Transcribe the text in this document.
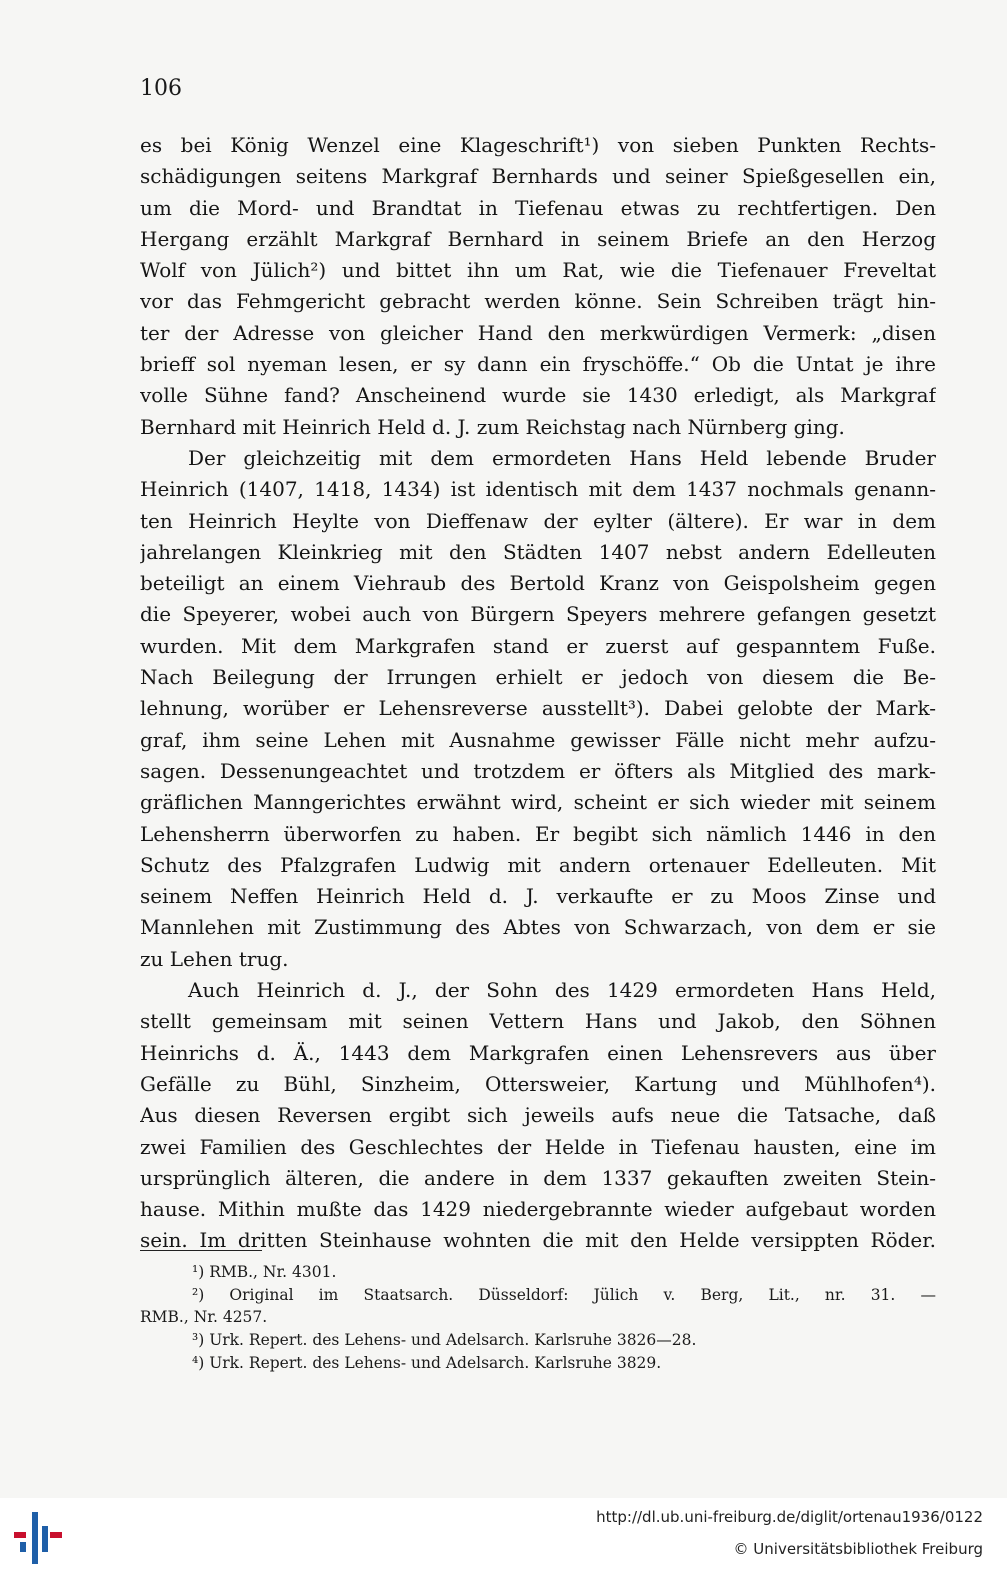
106
es bei König Wenzel eine Klageschrift¹) von sieben Punkten Rechts-
schädigungen seitens Markgraf Bernhards und seiner Spießgesellen ein,
um die Mord- und Brandtat in Tiefenau etwas zu rechtfertigen. Den
Hergang erzählt Markgraf Bernhard in seinem Briefe an den Herzog
Wolf von Jülich²) und bittet ihn um Rat, wie die Tiefenauer Freveltat
vor das Fehmgericht gebracht werden könne. Sein Schreiben trägt hin-
ter der Adresse von gleicher Hand den merkwürdigen Vermerk: „disen
brieff sol nyeman lesen, er sy dann ein fryschöffe.“ Ob die Untat je ihre
volle Sühne fand? Anscheinend wurde sie 1430 erledigt, als Markgraf
Bernhard mit Heinrich Held d. J. zum Reichstag nach Nürnberg ging.
Der gleichzeitig mit dem ermordeten Hans Held lebende Bruder
Heinrich (1407, 1418, 1434) ist identisch mit dem 1437 nochmals genann-
ten Heinrich Heylte von Dieffenaw der eylter (ältere). Er war in dem
jahrelangen Kleinkrieg mit den Städten 1407 nebst andern Edelleuten
beteiligt an einem Viehraub des Bertold Kranz von Geispolsheim gegen
die Speyerer, wobei auch von Bürgern Speyers mehrere gefangen gesetzt
wurden. Mit dem Markgrafen stand er zuerst auf gespanntem Fuße.
Nach Beilegung der Irrungen erhielt er jedoch von diesem die Be-
lehnung, worüber er Lehensreverse ausstellt³). Dabei gelobte der Mark-
graf, ihm seine Lehen mit Ausnahme gewisser Fälle nicht mehr aufzu-
sagen. Dessenungeachtet und trotzdem er öfters als Mitglied des mark-
gräflichen Manngerichtes erwähnt wird, scheint er sich wieder mit seinem
Lehensherrn überworfen zu haben. Er begibt sich nämlich 1446 in den
Schutz des Pfalzgrafen Ludwig mit andern ortenauer Edelleuten. Mit
seinem Neffen Heinrich Held d. J. verkaufte er zu Moos Zinse und
Mannlehen mit Zustimmung des Abtes von Schwarzach, von dem er sie
zu Lehen trug.
Auch Heinrich d. J., der Sohn des 1429 ermordeten Hans Held,
stellt gemeinsam mit seinen Vettern Hans und Jakob, den Söhnen
Heinrichs d. Ä., 1443 dem Markgrafen einen Lehensrevers aus über
Gefälle zu Bühl, Sinzheim, Ottersweier, Kartung und Mühlhofen⁴).
Aus diesen Reversen ergibt sich jeweils aufs neue die Tatsache, daß
zwei Familien des Geschlechtes der Helde in Tiefenau hausten, eine im
ursprünglich älteren, die andere in dem 1337 gekauften zweiten Stein-
hause. Mithin mußte das 1429 niedergebrannte wieder aufgebaut worden
sein. Im dritten Steinhause wohnten die mit den Helde versippten Röder.
¹) RMB., Nr. 4301.
²) Original im Staatsarch. Düsseldorf: Jülich v. Berg, Lit., nr. 31. —
RMB., Nr. 4257.
³) Urk. Repert. des Lehens- und Adelsarch. Karlsruhe 3826—28.
⁴) Urk. Repert. des Lehens- und Adelsarch. Karlsruhe 3829.
http://dl.ub.uni-freiburg.de/diglit/ortenau1936/0122
© Universitätsbibliothek Freiburg
